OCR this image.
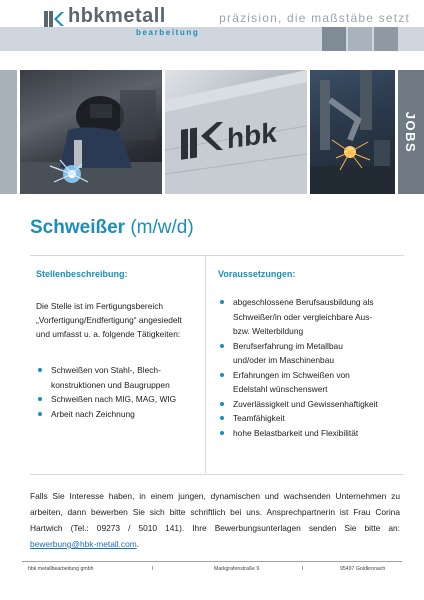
hbkmetall
bearbeitung
präzision, die maßstäbe setzt
hbk	JOBS
Schweißer (m/w/d)
Stellenbeschreibung:
Die Stelle ist im Fertigungsbereich „Vorfertigung/Endfertigung“ angesiedelt und umfasst u. a. folgende Tätigkeiten:
Schweißen von Stahl-, Blech- konstruktionen und Baugruppen
Schweißen nach MIG, MAG, WIG
Arbeit nach Zeichnung
Voraussetzungen:
abgeschlossene Berufsausbildung als Schweißer/in oder vergleichbare Aus- bzw. Weiterbildung
Berufserfahrung im Metallbau und/oder im Maschinenbau
Erfahrungen im Schweißen von Edelstahl wünschenswert
Zuverlässigkeit und Gewissenhaftigkeit
Teamfähigkeit
hohe Belastbarkeit und Flexibilität
Falls Sie Interesse haben, in einem jungen, dynamischen und wachsenden Unternehmen zu arbeiten, dann bewerben Sie sich bitte schriftlich bei uns. Ansprechpartnerin ist Frau Corina Hartwich (Tel.: 09273 / 5010 141). Ihre Bewerbungsunterlagen senden Sie bitte an: bewerbung@hbk-metall.com.
hbk metallbearbeitung gmbh	I	Markgrafenstraße 9	I	95497 Goldkronach
